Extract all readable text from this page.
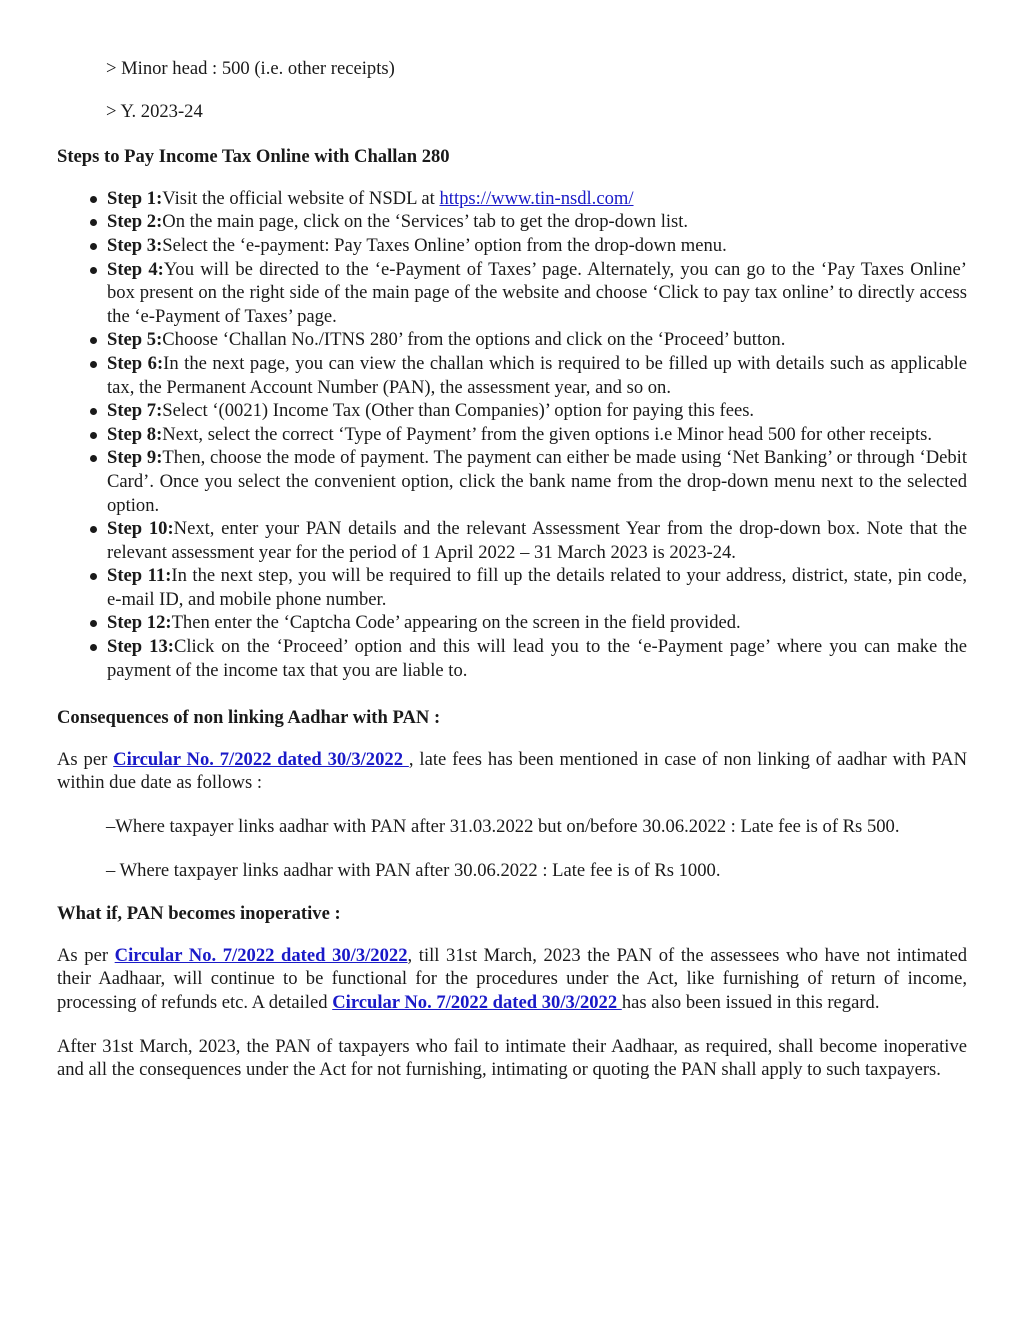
> Minor head : 500 (i.e. other receipts)
> Y. 2023-24
Steps to Pay Income Tax Online with Challan 280
Step 1:Visit the official website of NSDL at https://www.tin-nsdl.com/
Step 2:On the main page, click on the ‘Services’ tab to get the drop-down list.
Step 3:Select the ‘e-payment: Pay Taxes Online’ option from the drop-down menu.
Step 4:You will be directed to the ‘e-Payment of Taxes’ page. Alternately, you can go to the ‘Pay Taxes Online’ box present on the right side of the main page of the website and choose ‘Click to pay tax online’ to directly access the ‘e-Payment of Taxes’ page.
Step 5:Choose ‘Challan No./ITNS 280’ from the options and click on the ‘Proceed’ button.
Step 6:In the next page, you can view the challan which is required to be filled up with details such as applicable tax, the Permanent Account Number (PAN), the assessment year, and so on.
Step 7:Select ‘(0021) Income Tax (Other than Companies)’ option for paying this fees.
Step 8:Next, select the correct ‘Type of Payment’ from the given options i.e Minor head 500 for other receipts.
Step 9:Then, choose the mode of payment. The payment can either be made using ‘Net Banking’ or through ‘Debit Card’. Once you select the convenient option, click the bank name from the drop-down menu next to the selected option.
Step 10:Next, enter your PAN details and the relevant Assessment Year from the drop-down box. Note that the relevant assessment year for the period of 1 April 2022 – 31 March 2023 is 2023-24.
Step 11:In the next step, you will be required to fill up the details related to your address, district, state, pin code, e-mail ID, and mobile phone number.
Step 12:Then enter the ‘Captcha Code’ appearing on the screen in the field provided.
Step 13:Click on the ‘Proceed’ option and this will lead you to the ‘e-Payment page’ where you can make the payment of the income tax that you are liable to.
Consequences of non linking Aadhar with PAN :

As per Circular No. 7/2022 dated 30/3/2022 , late fees has been mentioned in case of non linking of aadhar with PAN within due date as follows :

–Where taxpayer links aadhar with PAN after 31.03.2022 but on/before 30.06.2022 : Late fee is of Rs 500.

– Where taxpayer links aadhar with PAN after 30.06.2022 : Late fee is of Rs 1000.

What if, PAN becomes inoperative :

As per Circular No. 7/2022 dated 30/3/2022, till 31st March, 2023 the PAN of the assessees who have not intimated their Aadhaar, will continue to be functional for the procedures under the Act, like furnishing of return of income, processing of refunds etc. A detailed Circular No. 7/2022 dated 30/3/2022 has also been issued in this regard.

After 31st March, 2023, the PAN of taxpayers who fail to intimate their Aadhaar, as required, shall become inoperative and all the consequences under the Act for not furnishing, intimating or quoting the PAN shall apply to such taxpayers.
